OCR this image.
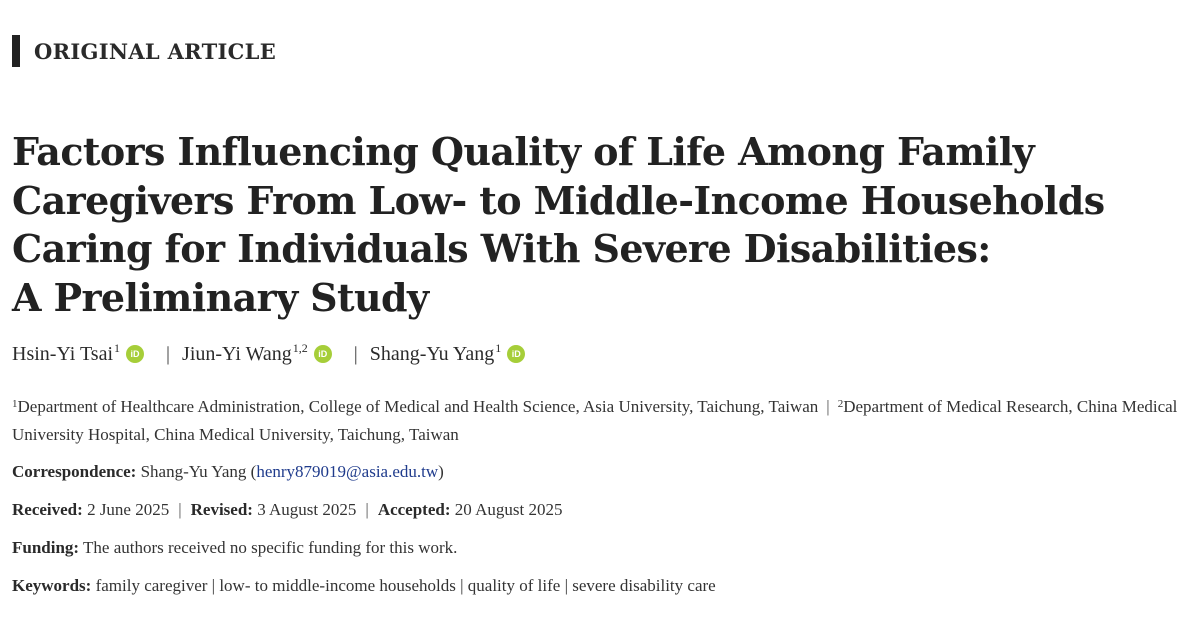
ORIGINAL ARTICLE
Factors Influencing Quality of Life Among Family
Caregivers From Low- to Middle-Income Households
Caring for Individuals With Severe Disabilities:
A Preliminary Study
Hsin-Yi Tsai$^1$	iD | Jiun-Yi Wang$^{1,2}$	iD | Shang-Yu Yang$^1$	iD
$^1$Department of Healthcare Administration, College of Medical and Health Science, Asia University, Taichung, Taiwan | $^2$Department of Medical Research, China Medical University Hospital, China Medical University, Taichung, Taiwan
Correspondence: Shang-Yu Yang (henry879019@asia.edu.tw)
Received: 2 June 2025 | Revised: 3 August 2025 | Accepted: 20 August 2025
Funding: The authors received no specific funding for this work.
Keywords: family caregiver | low- to middle-income households | quality of life | severe disability care
